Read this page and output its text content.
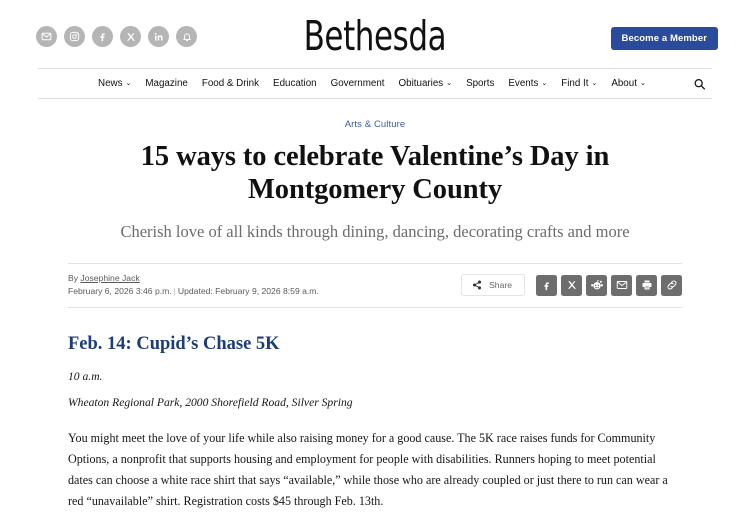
Bethesda	Become a Member
News ⌄ Magazine Food & Drink Education Government Obituaries ⌄ Sports Events ⌄ Find It ⌄ About ⌄
Arts & Culture
15 ways to celebrate Valentine’s Day in Montgomery County
Cherish love of all kinds through dining, dancing, decorating crafts and more
By Josephine Jack
February 6, 2026 3:46 p.m. | Updated: February 9, 2026 8:59 a.m.
Share
Feb. 14: Cupid’s Chase 5K

10 a.m.

Wheaton Regional Park, 2000 Shorefield Road, Silver Spring

You might meet the love of your life while also raising money for a good cause. The 5K race raises funds for Community Options, a nonprofit that supports housing and employment for people with disabilities. Runners hoping to meet potential dates can choose a white race shirt that says “available,” while those who are already coupled or just there to run can wear a red “unavailable” shirt. Registration costs $45 through Feb. 13th.
